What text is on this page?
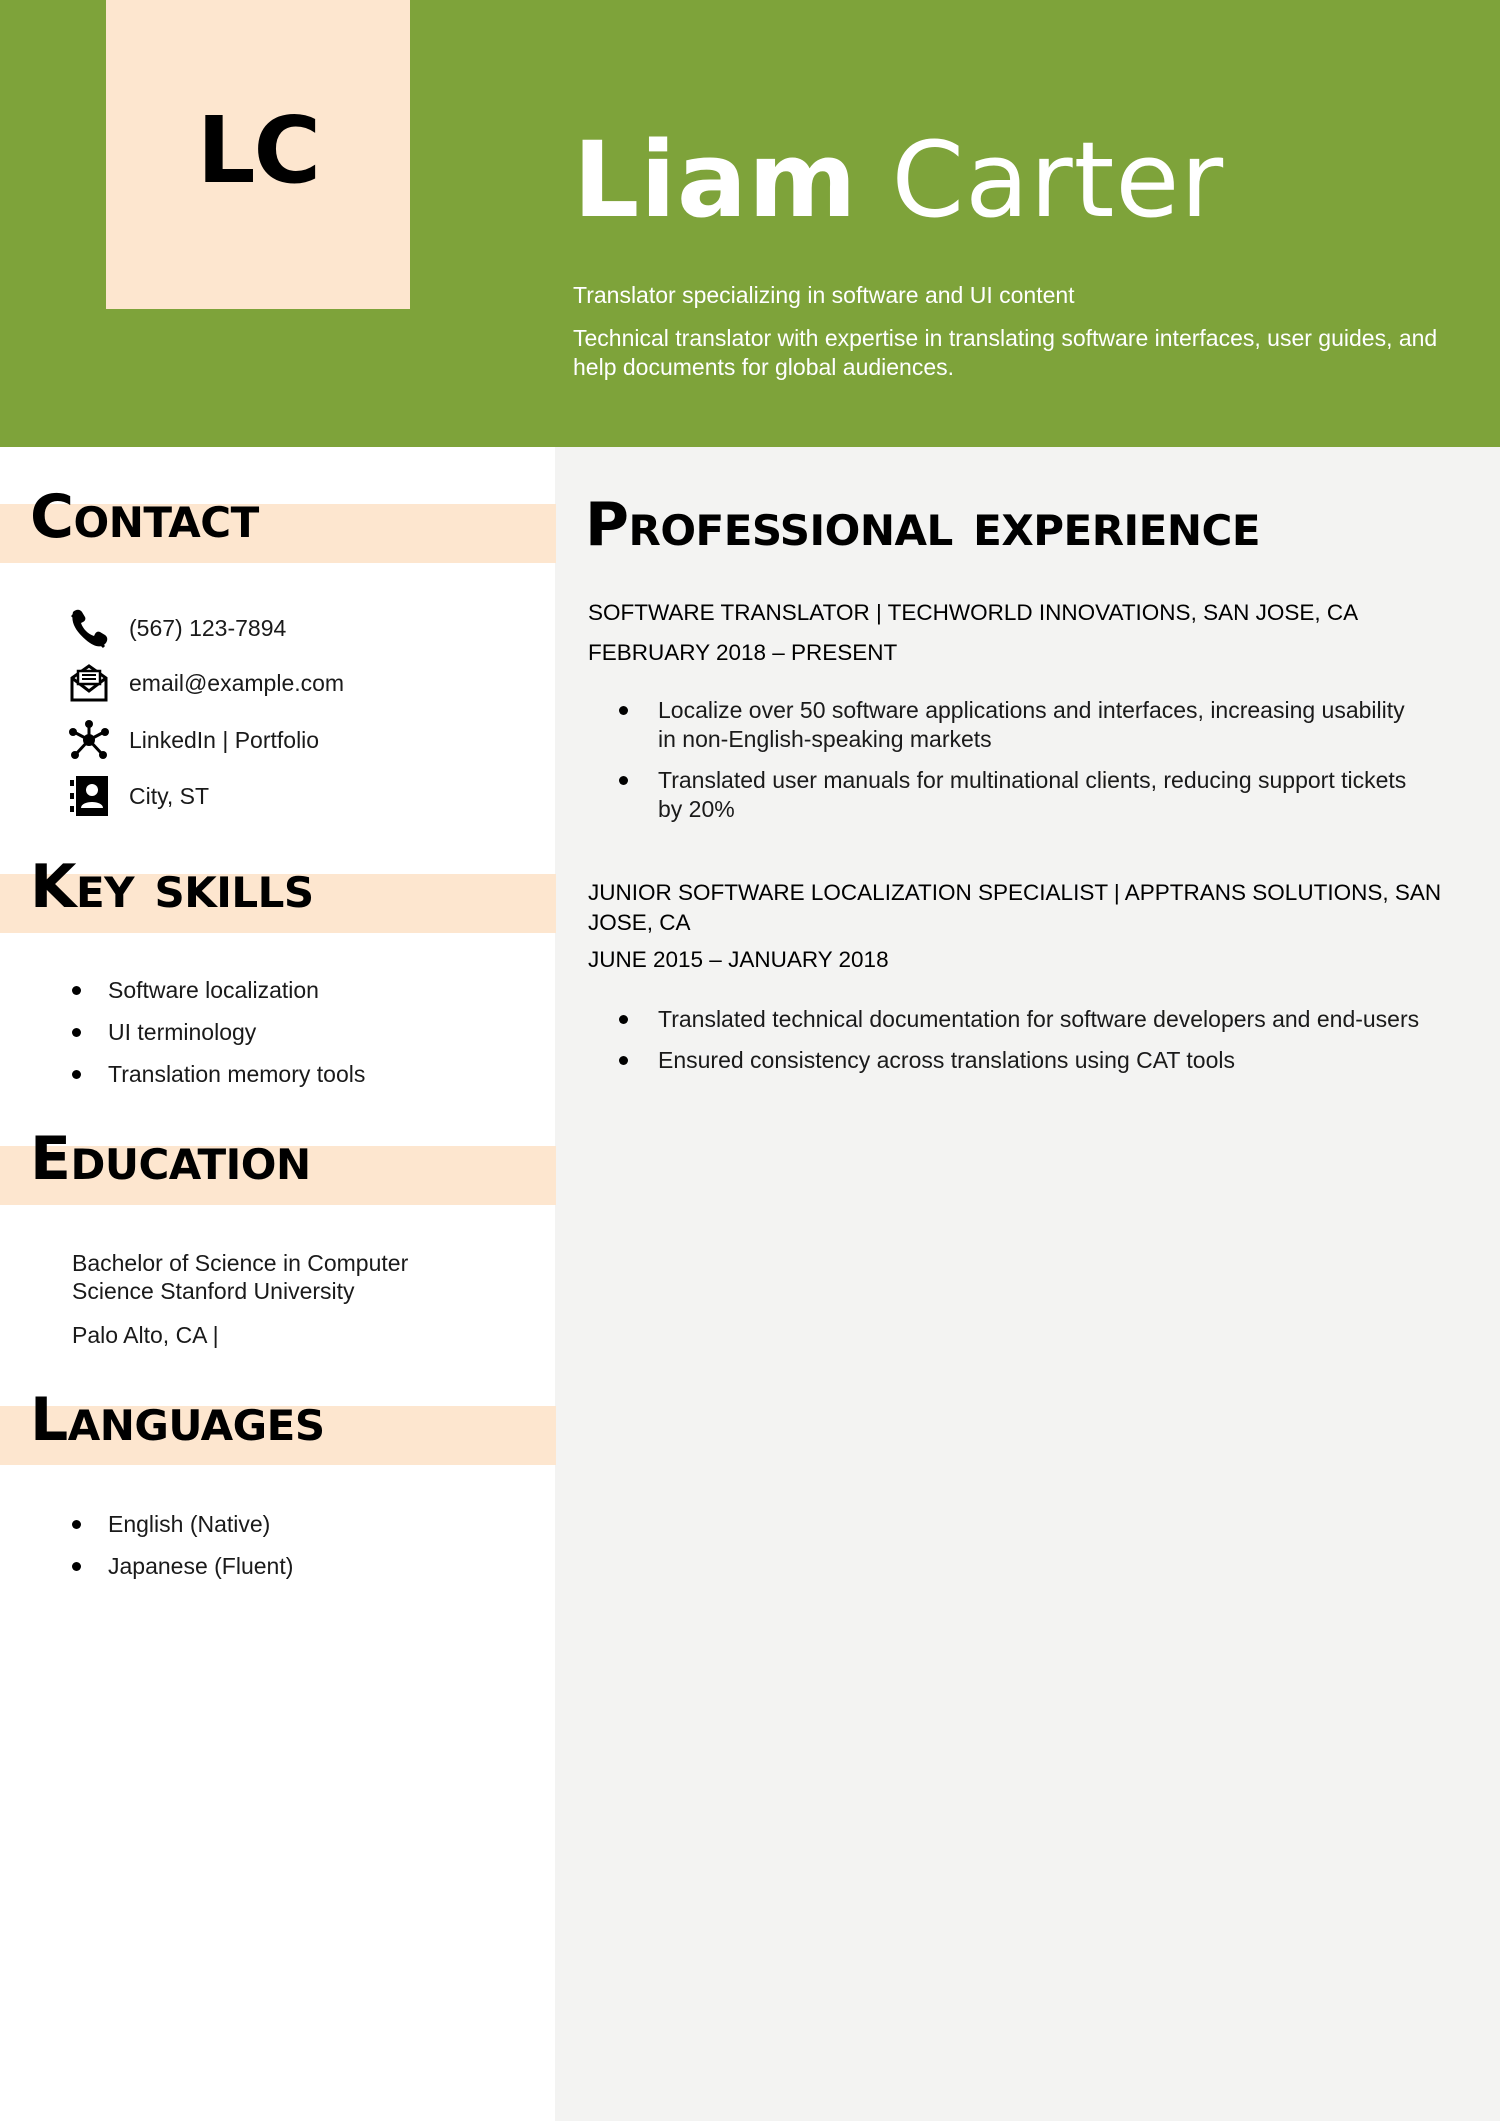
LC	Liam Carter
Translator specializing in software and UI content
Technical translator with expertise in translating software interfaces, user guides, and help documents for global audiences.
Professional experience
SOFTWARE TRANSLATOR | TECHWORLD INNOVATIONS, SAN JOSE, CA
FEBRUARY 2018 – PRESENT
Localize over 50 software applications and interfaces, increasing usability in non-English-speaking markets
Translated user manuals for multinational clients, reducing support tickets by 20%
JUNIOR SOFTWARE LOCALIZATION SPECIALIST | APPTRANS SOLUTIONS, SAN JOSE, CA
JUNE 2015 – JANUARY 2018
Translated technical documentation for software developers and end-users
Ensured consistency across translations using CAT tools
Contact
(567) 123-7894
email@example.com
LinkedIn | Portfolio
City, ST
Key skills
Software localization
UI terminology
Translation memory tools
Education
Bachelor of Science in Computer Science Stanford University
Palo Alto, CA |
Languages
English (Native)
Japanese (Fluent)
